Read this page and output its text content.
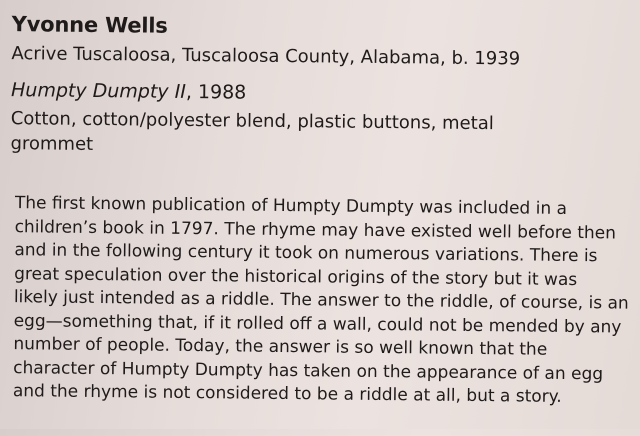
Yvonne Wells
Acrive Tuscaloosa, Tuscaloosa County, Alabama, b. 1939
Humpty Dumpty II, 1988
Cotton, cotton/polyester blend, plastic buttons, metal
grommet
The first known publication of Humpty Dumpty was included in a
children’s book in 1797. The rhyme may have existed well before then
and in the following century it took on numerous variations. There is
great speculation over the historical origins of the story but it was
likely just intended as a riddle. The answer to the riddle, of course, is an
egg—something that, if it rolled off a wall, could not be mended by any
number of people. Today, the answer is so well known that the
character of Humpty Dumpty has taken on the appearance of an egg
and the rhyme is not considered to be a riddle at all, but a story.
